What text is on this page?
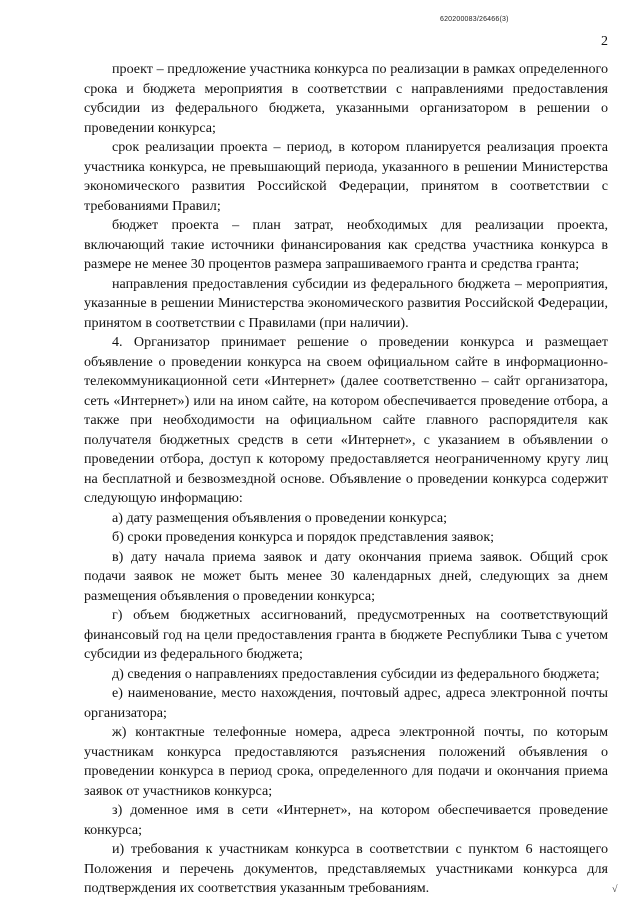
620200083/26466(3)
2

проект – предложение участника конкурса по реализации в рамках определенного срока и бюджета мероприятия в соответствии с направлениями предоставления субсидии из федерального бюджета, указанными организатором в решении о проведении конкурса;

срок реализации проекта – период, в котором планируется реализация проекта участника конкурса, не превышающий периода, указанного в решении Министерства экономического развития Российской Федерации, принятом в соответствии с требованиями Правил;

бюджет проекта – план затрат, необходимых для реализации проекта, включающий такие источники финансирования как средства участника конкурса в размере не менее 30 процентов размера запрашиваемого гранта и средства гранта;

направления предоставления субсидии из федерального бюджета – мероприятия, указанные в решении Министерства экономического развития Российской Федерации, принятом в соответствии с Правилами (при наличии).

4. Организатор принимает решение о проведении конкурса и размещает объявление о проведении конкурса на своем официальном сайте в информационно-телекоммуникационной сети «Интернет» (далее соответственно – сайт организатора, сеть «Интернет») или на ином сайте, на котором обеспечивается проведение отбора, а также при необходимости на официальном сайте главного распорядителя как получателя бюджетных средств в сети «Интернет», с указанием в объявлении о проведении отбора, доступ к которому предоставляется неограниченному кругу лиц на бесплатной и безвозмездной основе. Объявление о проведении конкурса содержит следующую информацию:

а) дату размещения объявления о проведении конкурса;

б) сроки проведения конкурса и порядок представления заявок;

в) дату начала приема заявок и дату окончания приема заявок. Общий срок подачи заявок не может быть менее 30 календарных дней, следующих за днем размещения объявления о проведении конкурса;

г) объем бюджетных ассигнований, предусмотренных на соответствующий финансовый год на цели предоставления гранта в бюджете Республики Тыва с учетом субсидии из федерального бюджета;

д) сведения о направлениях предоставления субсидии из федерального бюджета;

е) наименование, место нахождения, почтовый адрес, адреса электронной почты организатора;

ж) контактные телефонные номера, адреса электронной почты, по которым участникам конкурса предоставляются разъяснения положений объявления о проведении конкурса в период срока, определенного для подачи и окончания приема заявок от участников конкурса;

з) доменное имя в сети «Интернет», на котором обеспечивается проведение конкурса;

и) требования к участникам конкурса в соответствии с пунктом 6 настоящего Положения и перечень документов, представляемых участниками конкурса для подтверждения их соответствия указанным требованиям.	√
